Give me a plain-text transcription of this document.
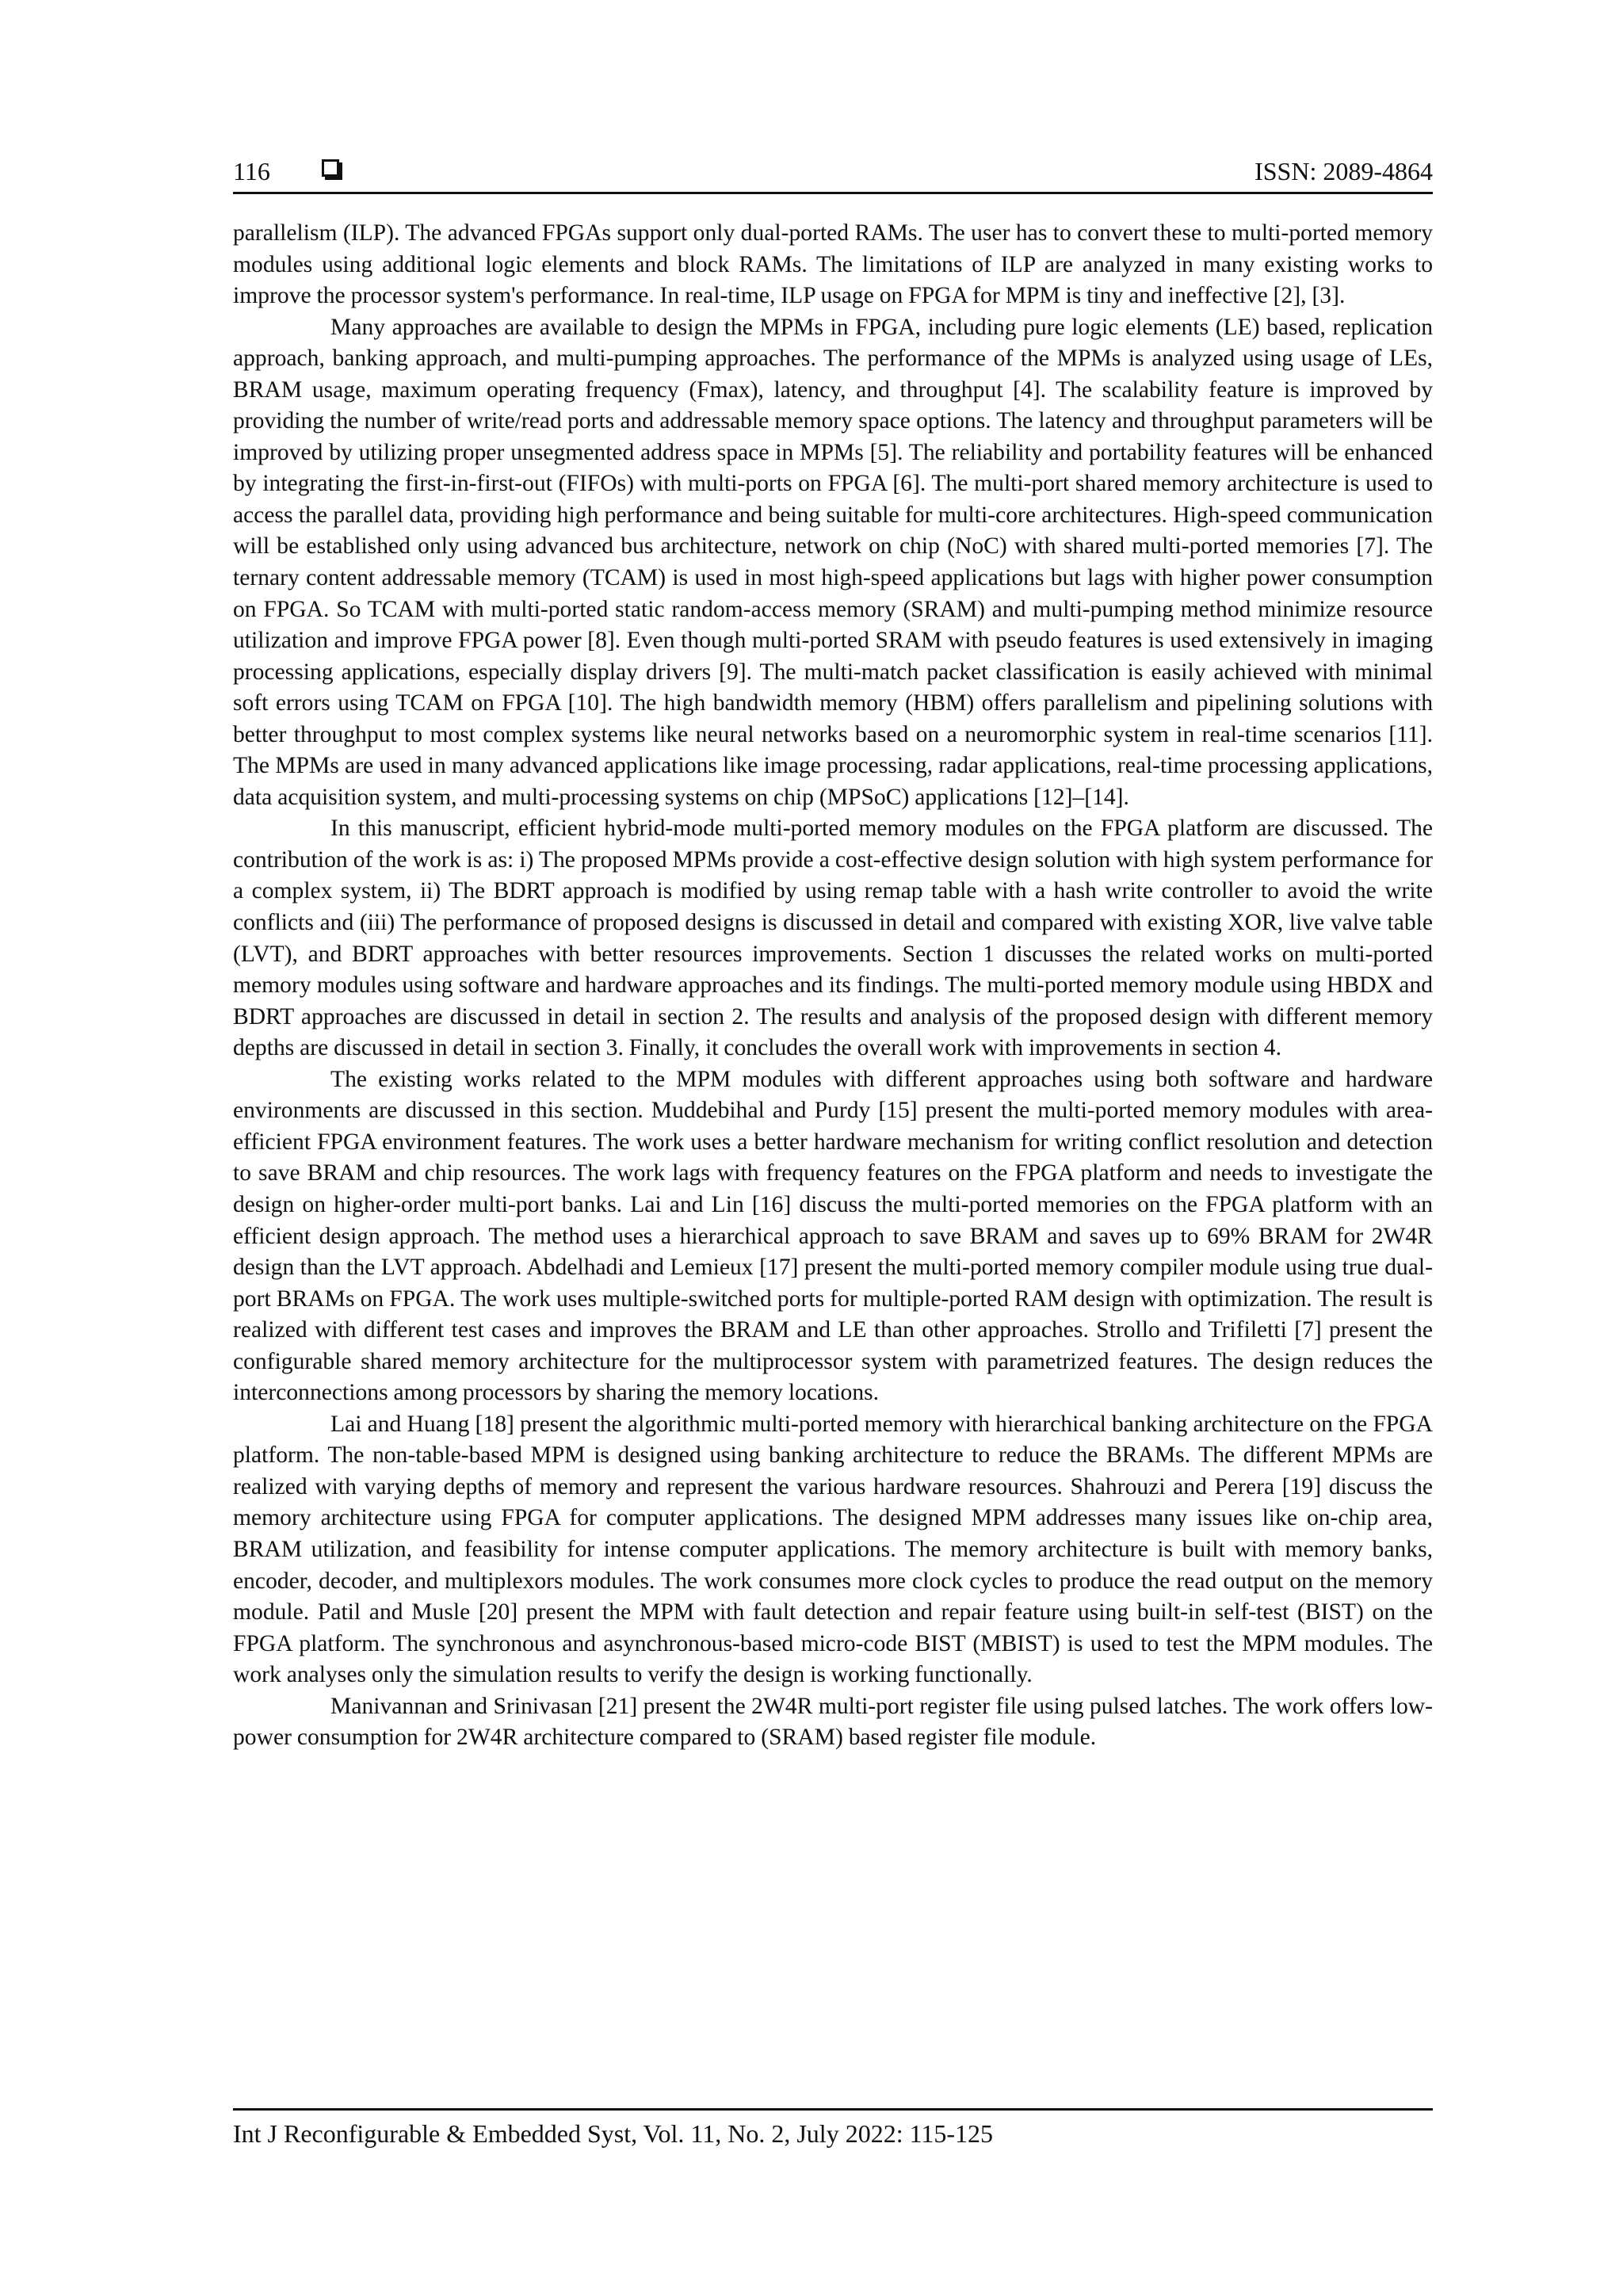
116	ISSN: 2089-4864

parallelism (ILP). The advanced FPGAs support only dual-ported RAMs. The user has to convert these to multi-ported memory modules using additional logic elements and block RAMs. The limitations of ILP are analyzed in many existing works to improve the processor system's performance. In real-time, ILP usage on FPGA for MPM is tiny and ineffective [2], [3].

Many approaches are available to design the MPMs in FPGA, including pure logic elements (LE) based, replication approach, banking approach, and multi-pumping approaches. The performance of the MPMs is analyzed using usage of LEs, BRAM usage, maximum operating frequency (Fmax), latency, and throughput [4]. The scalability feature is improved by providing the number of write/read ports and addressable memory space options. The latency and throughput parameters will be improved by utilizing proper unsegmented address space in MPMs [5]. The reliability and portability features will be enhanced by integrating the first-in-first-out (FIFOs) with multi-ports on FPGA [6]. The multi-port shared memory architecture is used to access the parallel data, providing high performance and being suitable for multi-core architectures. High-speed communication will be established only using advanced bus architecture, network on chip (NoC) with shared multi-ported memories [7]. The ternary content addressable memory (TCAM) is used in most high-speed applications but lags with higher power consumption on FPGA. So TCAM with multi-ported static random-access memory (SRAM) and multi-pumping method minimize resource utilization and improve FPGA power [8]. Even though multi-ported SRAM with pseudo features is used extensively in imaging processing applications, especially display drivers [9]. The multi-match packet classification is easily achieved with minimal soft errors using TCAM on FPGA [10]. The high bandwidth memory (HBM) offers parallelism and pipelining solutions with better throughput to most complex systems like neural networks based on a neuromorphic system in real-time scenarios [11]. The MPMs are used in many advanced applications like image processing, radar applications, real-time processing applications, data acquisition system, and multi-processing systems on chip (MPSoC) applications [12]–[14].

In this manuscript, efficient hybrid-mode multi-ported memory modules on the FPGA platform are discussed. The contribution of the work is as: i) The proposed MPMs provide a cost-effective design solution with high system performance for a complex system, ii) The BDRT approach is modified by using remap table with a hash write controller to avoid the write conflicts and (iii) The performance of proposed designs is discussed in detail and compared with existing XOR, live valve table (LVT), and BDRT approaches with better resources improvements. Section 1 discusses the related works on multi-ported memory modules using software and hardware approaches and its findings. The multi-ported memory module using HBDX and BDRT approaches are discussed in detail in section 2. The results and analysis of the proposed design with different memory depths are discussed in detail in section 3. Finally, it concludes the overall work with improvements in section 4.

The existing works related to the MPM modules with different approaches using both software and hardware environments are discussed in this section. Muddebihal and Purdy [15] present the multi-ported memory modules with area-efficient FPGA environment features. The work uses a better hardware mechanism for writing conflict resolution and detection to save BRAM and chip resources. The work lags with frequency features on the FPGA platform and needs to investigate the design on higher-order multi-port banks. Lai and Lin [16] discuss the multi-ported memories on the FPGA platform with an efficient design approach. The method uses a hierarchical approach to save BRAM and saves up to 69% BRAM for 2W4R design than the LVT approach. Abdelhadi and Lemieux [17] present the multi-ported memory compiler module using true dual-port BRAMs on FPGA. The work uses multiple-switched ports for multiple-ported RAM design with optimization. The result is realized with different test cases and improves the BRAM and LE than other approaches. Strollo and Trifiletti [7] present the configurable shared memory architecture for the multiprocessor system with parametrized features. The design reduces the interconnections among processors by sharing the memory locations.

Lai and Huang [18] present the algorithmic multi-ported memory with hierarchical banking architecture on the FPGA platform. The non-table-based MPM is designed using banking architecture to reduce the BRAMs. The different MPMs are realized with varying depths of memory and represent the various hardware resources. Shahrouzi and Perera [19] discuss the memory architecture using FPGA for computer applications. The designed MPM addresses many issues like on-chip area, BRAM utilization, and feasibility for intense computer applications. The memory architecture is built with memory banks, encoder, decoder, and multiplexors modules. The work consumes more clock cycles to produce the read output on the memory module. Patil and Musle [20] present the MPM with fault detection and repair feature using built-in self-test (BIST) on the FPGA platform. The synchronous and asynchronous-based micro-code BIST (MBIST) is used to test the MPM modules. The work analyses only the simulation results to verify the design is working functionally.

Manivannan and Srinivasan [21] present the 2W4R multi-port register file using pulsed latches. The work offers low-power consumption for 2W4R architecture compared to (SRAM) based register file module.

Int J Reconfigurable & Embedded Syst, Vol. 11, No. 2, July 2022: 115-125
